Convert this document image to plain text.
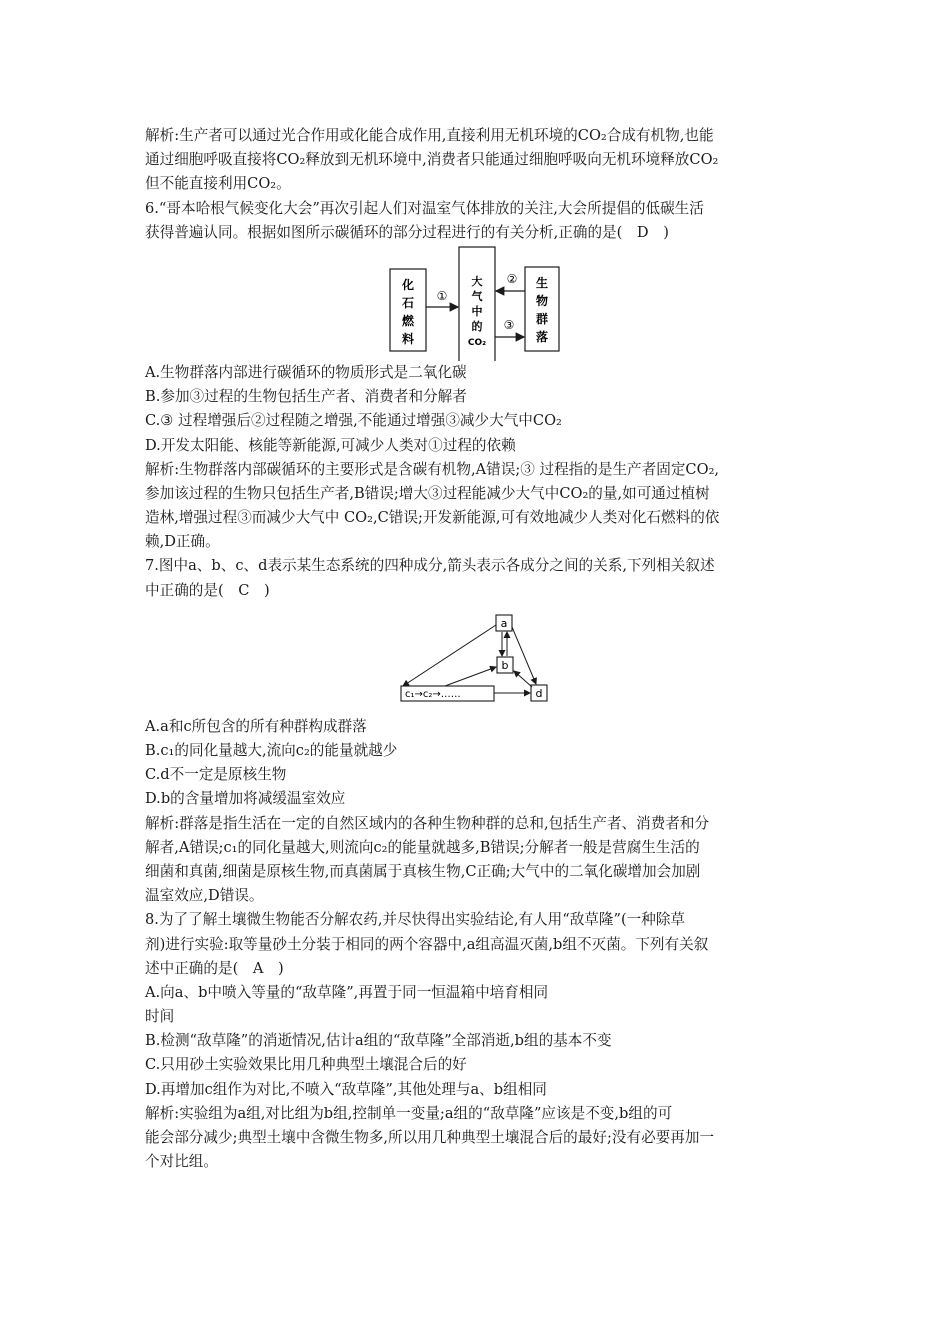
解析:生产者可以通过光合作用或化能合成作用,直接利用无机环境的CO₂合成有机物,也能
通过细胞呼吸直接将CO₂释放到无机环境中,消费者只能通过细胞呼吸向无机环境释放CO₂
但不能直接利用CO₂。
6.“哥本哈根气候变化大会”再次引起人们对温室气体排放的关注,大会所提倡的低碳生活
获得普遍认同。根据如图所示碳循环的部分过程进行的有关分析,正确的是(　D　)
化
石
燃
料
大
气
中
的
CO₂
生
物
群
落
①
②
③
A.生物群落内部进行碳循环的物质形式是二氧化碳
B.参加③过程的生物包括生产者、消费者和分解者
C.③ 过程增强后②过程随之增强,不能通过增强③减少大气中CO₂
D.开发太阳能、核能等新能源,可减少人类对①过程的依赖
解析:生物群落内部碳循环的主要形式是含碳有机物,A错误;③ 过程指的是生产者固定CO₂,
参加该过程的生物只包括生产者,B错误;增大③过程能减少大气中CO₂的量,如可通过植树
造林,增强过程③而减少大气中 CO₂,C错误;开发新能源,可有效地减少人类对化石燃料的依
赖,D正确。
7.图中a、b、c、d表示某生态系统的四种成分,箭头表示各成分之间的关系,下列相关叙述
中正确的是(　C　)
a
b
d
c₁→c₂→……
A.a和c所包含的所有种群构成群落
B.c₁的同化量越大,流向c₂的能量就越少
C.d不一定是原核生物
D.b的含量增加将减缓温室效应
解析:群落是指生活在一定的自然区域内的各种生物种群的总和,包括生产者、消费者和分
解者,A错误;c₁的同化量越大,则流向c₂的能量就越多,B错误;分解者一般是营腐生生活的
细菌和真菌,细菌是原核生物,而真菌属于真核生物,C正确;大气中的二氧化碳增加会加剧
温室效应,D错误。
8.为了了解土壤微生物能否分解农药,并尽快得出实验结论,有人用“敌草隆”(一种除草
剂)进行实验:取等量砂土分装于相同的两个容器中,a组高温灭菌,b组不灭菌。下列有关叙
述中正确的是(　A　)
A.向a、b中喷入等量的“敌草隆”,再置于同一恒温箱中培育相同
时间
B.检测“敌草隆”的消逝情况,估计a组的“敌草隆”全部消逝,b组的基本不变
C.只用砂土实验效果比用几种典型土壤混合后的好
D.再增加c组作为对比,不喷入“敌草隆”,其他处理与a、b组相同
解析:实验组为a组,对比组为b组,控制单一变量;a组的“敌草隆”应该是不变,b组的可
能会部分减少;典型土壤中含微生物多,所以用几种典型土壤混合后的最好;没有必要再加一
个对比组。
